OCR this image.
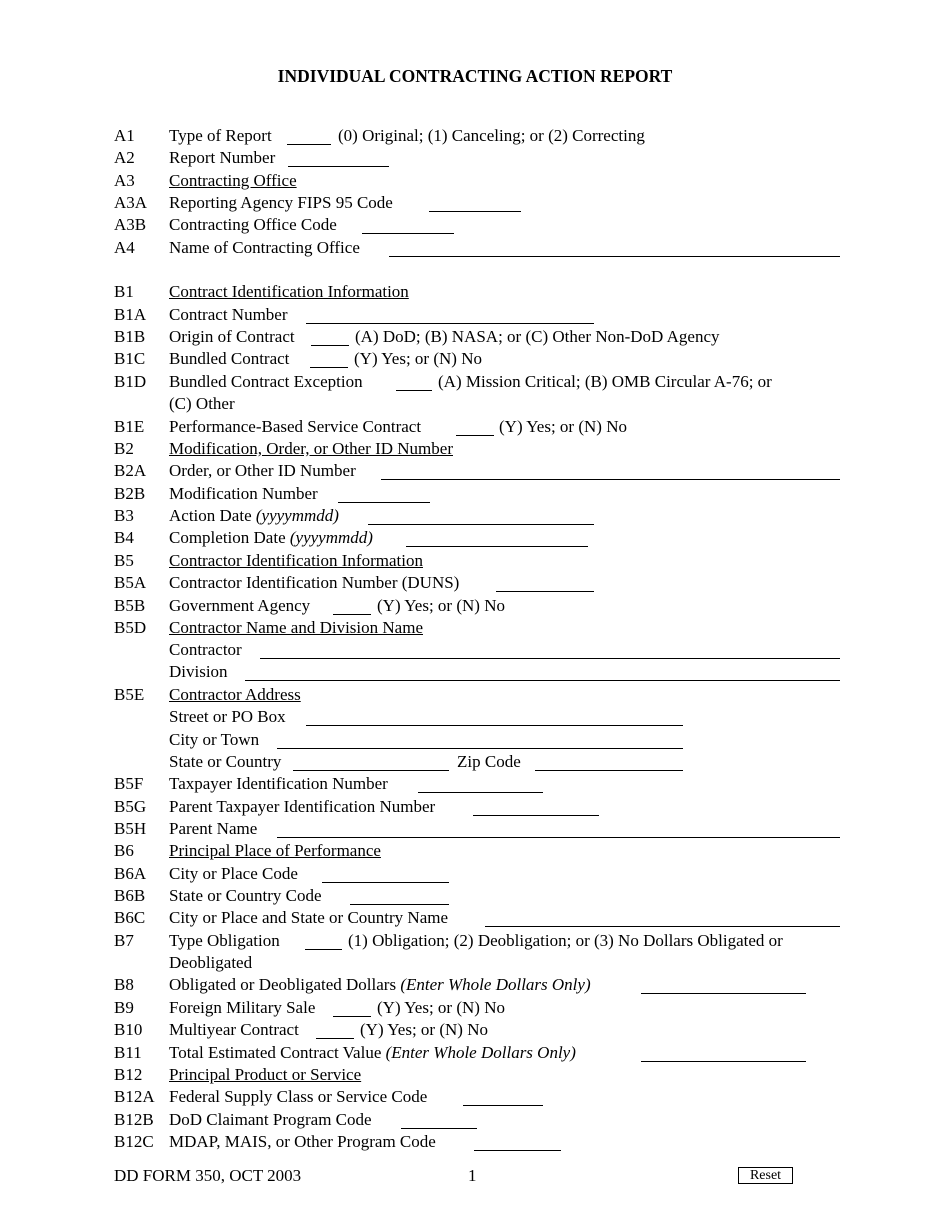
INDIVIDUAL CONTRACTING ACTION REPORT
A1 Type of Report	(0) Original; (1) Canceling; or (2) Correcting
A2 Report Number
A3 Contracting Office
A3A Reporting Agency FIPS 95 Code
A3B Contracting Office Code
A4 Name of Contracting Office
B1 Contract Identification Information
B1A Contract Number
B1B Origin of Contract	(A) DoD; (B) NASA; or (C) Other Non-DoD Agency
B1C Bundled Contract	(Y) Yes; or (N) No
B1D Bundled Contract Exception	(A) Mission Critical; (B) OMB Circular A-76; or
(C) Other
B1E Performance-Based Service Contract	(Y) Yes; or (N) No
B2 Modification, Order, or Other ID Number
B2A Order, or Other ID Number
B2B Modification Number
B3 Action Date (yyyymmdd)
B4 Completion Date (yyyymmdd)
B5 Contractor Identification Information
B5A Contractor Identification Number (DUNS)
B5B Government Agency	(Y) Yes; or (N) No
B5D Contractor Name and Division Name
Contractor
Division
B5E Contractor Address
Street or PO Box
City or Town
State or Country	Zip Code
B5F Taxpayer Identification Number
B5G Parent Taxpayer Identification Number
B5H Parent Name
B6 Principal Place of Performance
B6A City or Place Code
B6B State or Country Code
B6C City or Place and State or Country Name
B7 Type Obligation	(1) Obligation; (2) Deobligation; or (3) No Dollars Obligated or
Deobligated
B8 Obligated or Deobligated Dollars (Enter Whole Dollars Only)
B9 Foreign Military Sale	(Y) Yes; or (N) No
B10 Multiyear Contract	(Y) Yes; or (N) No
B11 Total Estimated Contract Value (Enter Whole Dollars Only)
B12 Principal Product or Service
B12A Federal Supply Class or Service Code
B12B DoD Claimant Program Code
B12C MDAP, MAIS, or Other Program Code
DD FORM 350, OCT 2003	1	Reset
